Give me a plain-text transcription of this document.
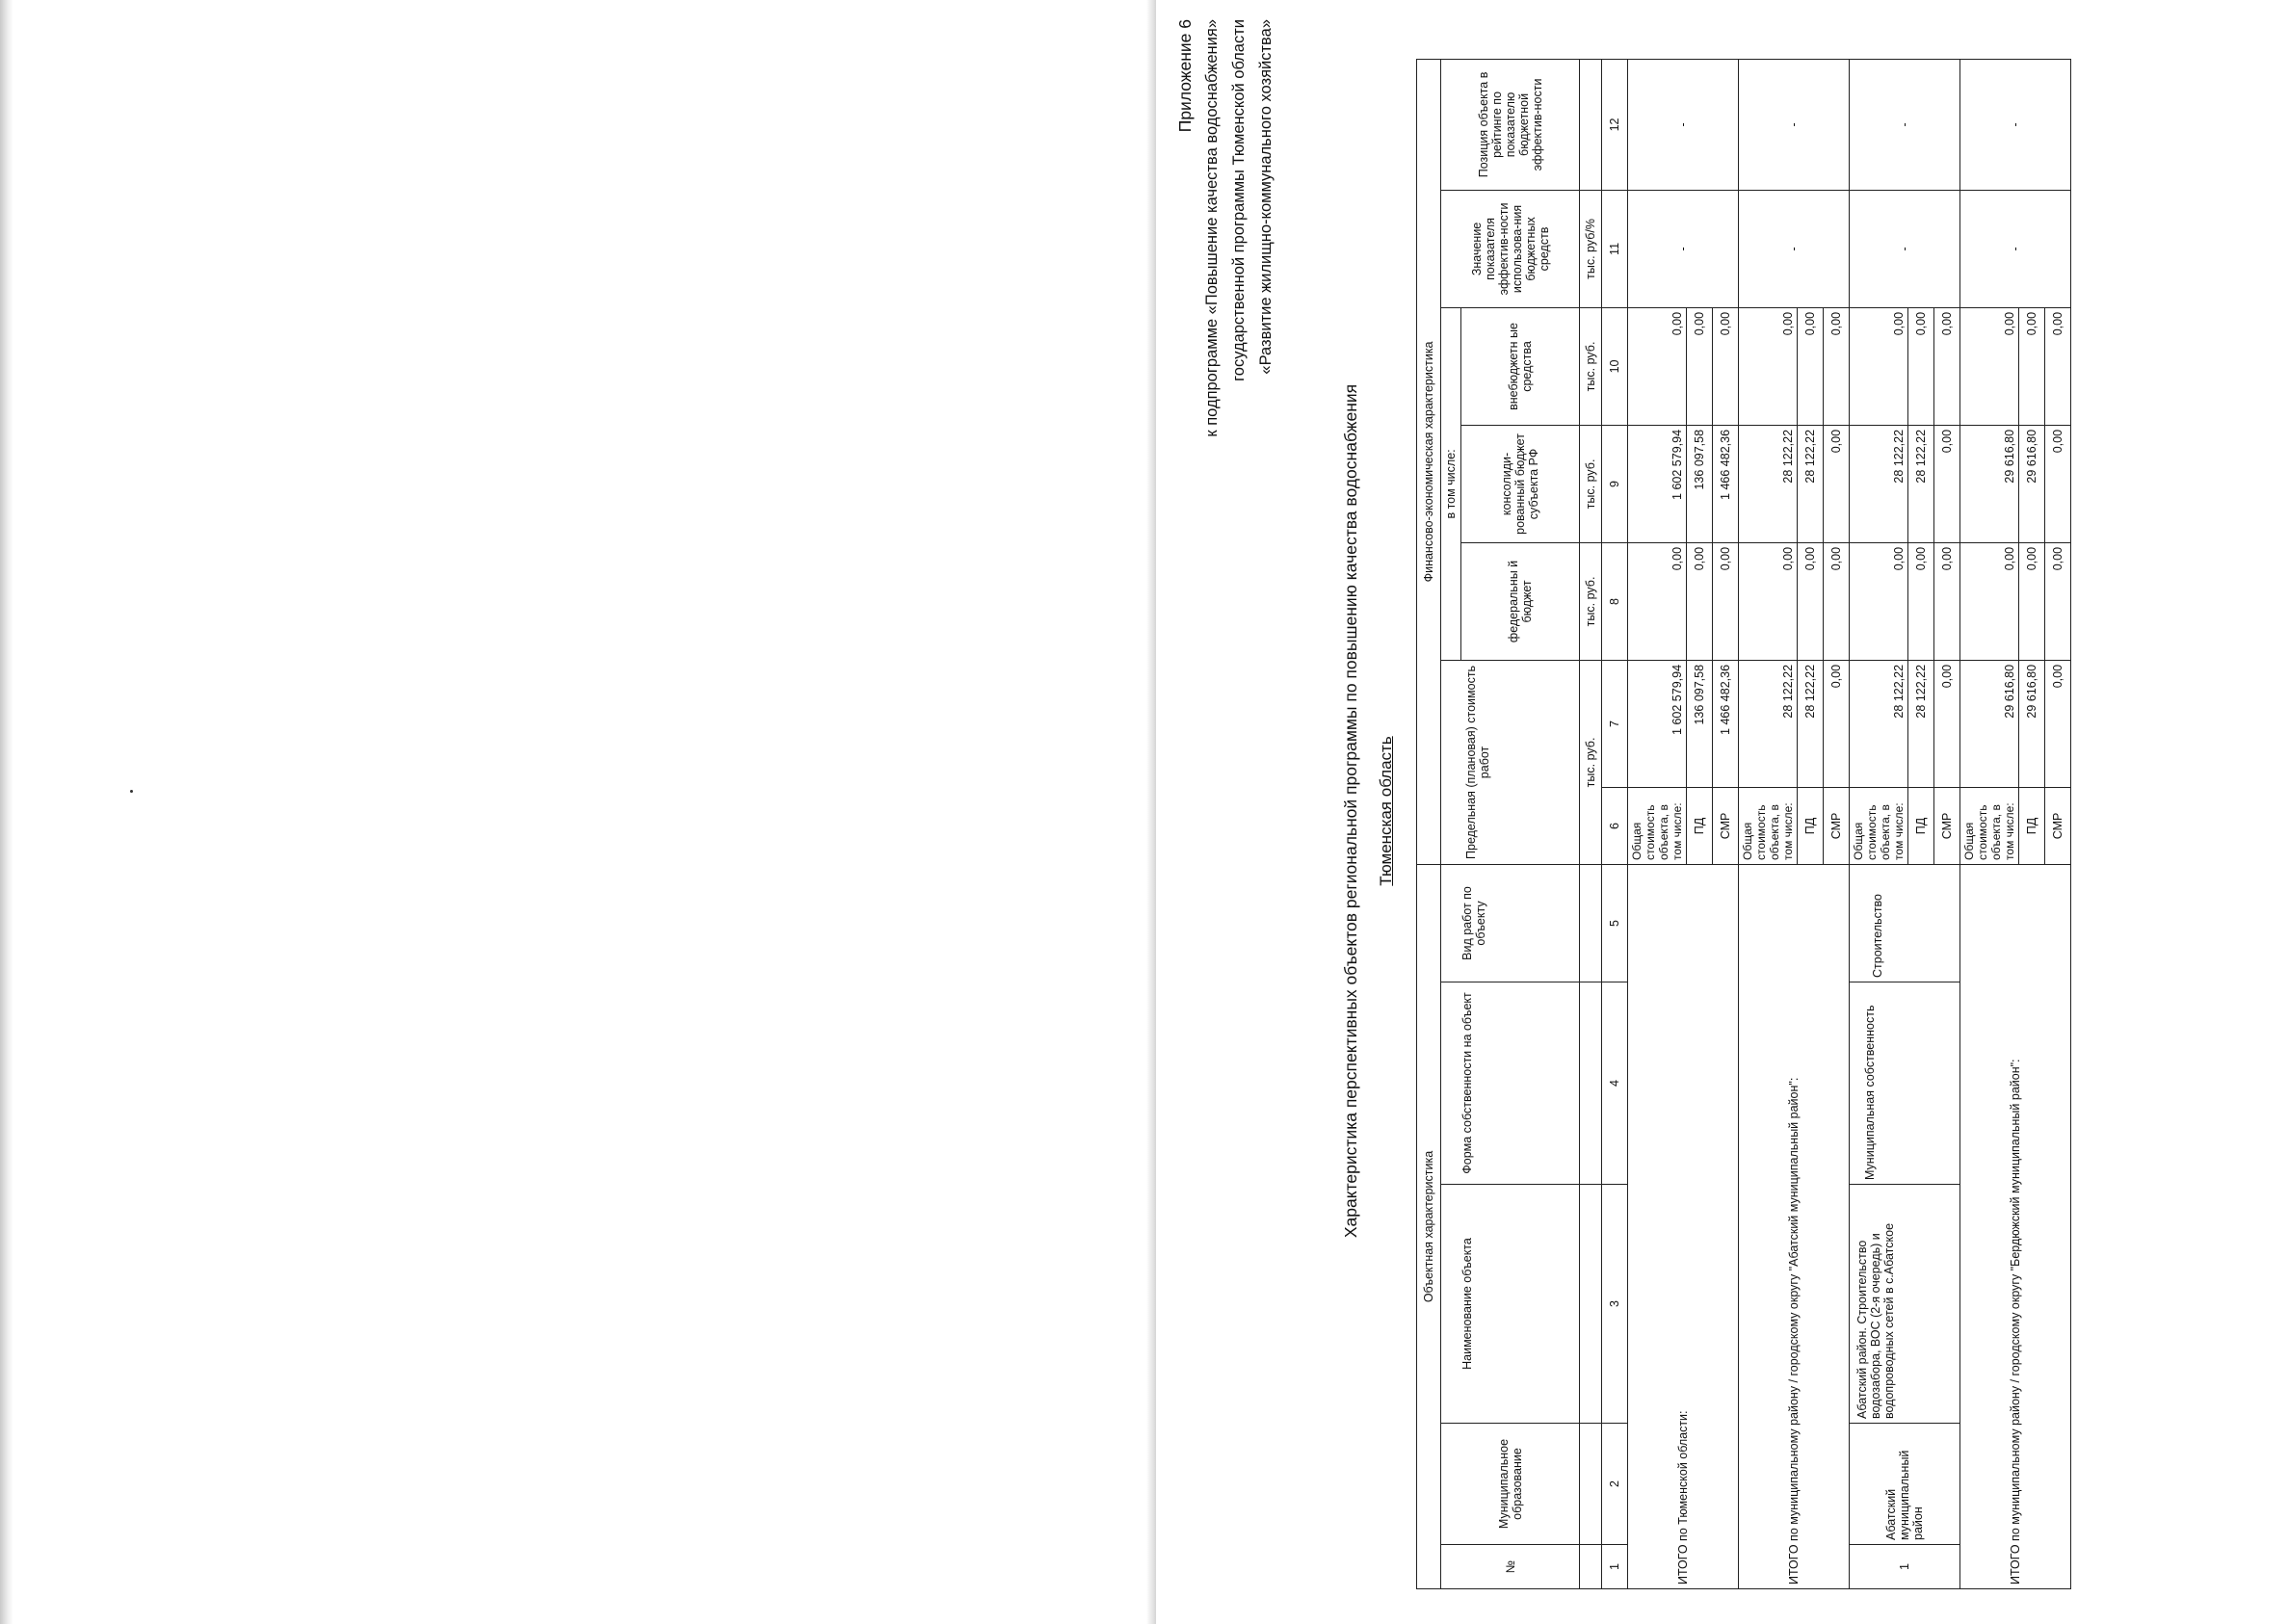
Приложение 6 к подпрограмме «Повышение качества водоснабжения» государственной программы Тюменской области «Развитие жилищно-коммунального хозяйства»
Характеристика перспективных объектов региональной программы по повышению качества водоснабжения Тюменская область
Объектная характеристика					Финансово-экономическая характеристика						
№	Муниципальное образование	Наименование объекта	Форма собственности на объект	Вид работ по объекту	Предельная (плановая) стоимость работ		в том числе:			Значение показателя эффектив-ности использова-ния бюджетных средств	Позиция объекта в рейтинге по показателю бюджетной эффектив-ности
							федеральны й бюджет	консолиди-рованный бюджет субъекта РФ	внебюджетн ые средства		
					тыс. руб.		тыс. руб.	тыс. руб.	тыс. руб.	тыс. руб/%	
1	2	3	4	5	6	7	8	9	10	11	12
ИТОГО по Тюменской области:					Общая стоимость объекта, в том числе:	1 602 579,94	0,00	1 602 579,94	0,00	-	-
					ПД	136 097,58	0,00	136 097,58	0,00		
					СМР	1 466 482,36	0,00	1 466 482,36	0,00		
ИТОГО по муниципальному району / городскому округу "Абатский муниципальный район":					Общая стоимость объекта, в том числе:	28 122,22	0,00	28 122,22	0,00	-	-
					ПД	28 122,22	0,00	28 122,22	0,00		
					СМР	0,00	0,00	0,00	0,00		
1	Абатский муниципальный район	Абатский район. Строительство водозабора, ВОС (2-я очередь) и водопроводных сетей в с.Абатское	Муниципальная собственность	Строительство	Общая стоимость объекта, в том числе:	28 122,22	0,00	28 122,22	0,00	-	-
					ПД	28 122,22	0,00	28 122,22	0,00		
					СМР	0,00	0,00	0,00	0,00		
ИТОГО по муниципальному району / городскому округу "Бердюжский муниципальный район":					Общая стоимость объекта, в том числе:	29 616,80	0,00	29 616,80	0,00	-	-
					ПД	29 616,80	0,00	29 616,80	0,00		
					СМР	0,00	0,00	0,00	0,00		
